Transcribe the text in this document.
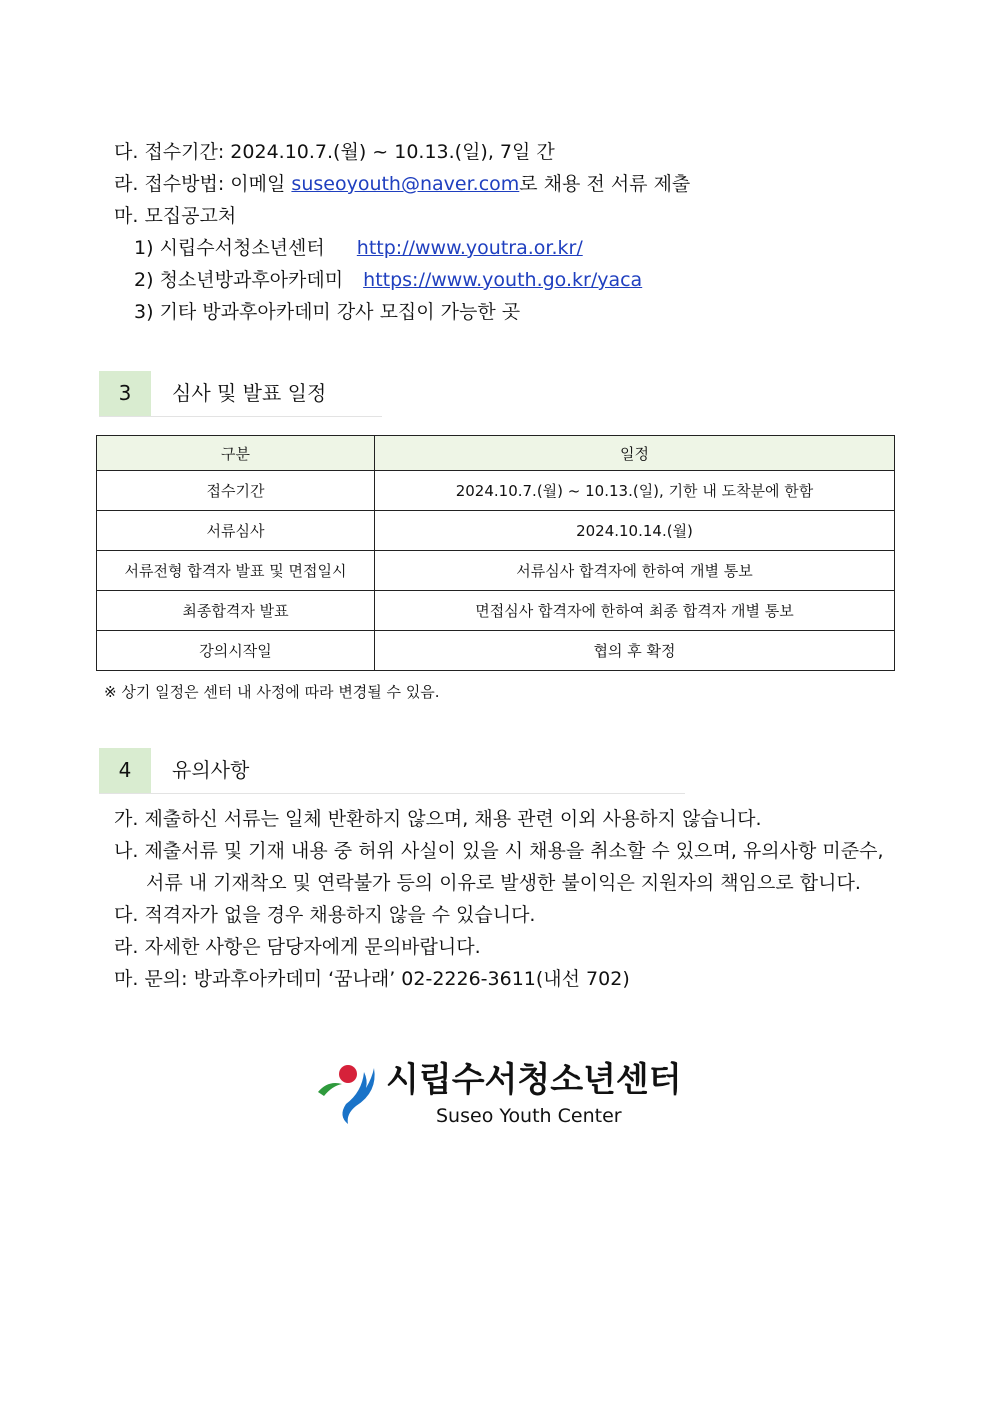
다. 접수기간: 2024.10.7.(월) ~ 10.13.(일), 7일 간
라. 접수방법: 이메일 suseoyouth@naver.com로 채용 전 서류 제출
마. 모집공고처
1) 시립수서청소년센터 http://www.youtra.or.kr/
2) 청소년방과후아카데미 https://www.youth.go.kr/yaca
3) 기타 방과후아카데미 강사 모집이 가능한 곳
3	심사 및 발표 일정
구분	일정
접수기간	2024.10.7.(월) ~ 10.13.(일), 기한 내 도착분에 한함
서류심사	2024.10.14.(월)
서류전형 합격자 발표 및 면접일시	서류심사 합격자에 한하여 개별 통보
최종합격자 발표	면접심사 합격자에 한하여 최종 합격자 개별 통보
강의시작일	협의 후 확정
※ 상기 일정은 센터 내 사정에 따라 변경될 수 있음.
4	유의사항
가. 제출하신 서류는 일체 반환하지 않으며, 채용 관련 이외 사용하지 않습니다.
나. 제출서류 및 기재 내용 중 허위 사실이 있을 시 채용을 취소할 수 있으며, 유의사항 미준수,
서류 내 기재착오 및 연락불가 등의 이유로 발생한 불이익은 지원자의 책임으로 합니다.
다. 적격자가 없을 경우 채용하지 않을 수 있습니다.
라. 자세한 사항은 담당자에게 문의바랍니다.
마. 문의: 방과후아카데미 ‘꿈나래’ 02-2226-3611(내선 702)
시립수서청소년센터
Suseo Youth Center
